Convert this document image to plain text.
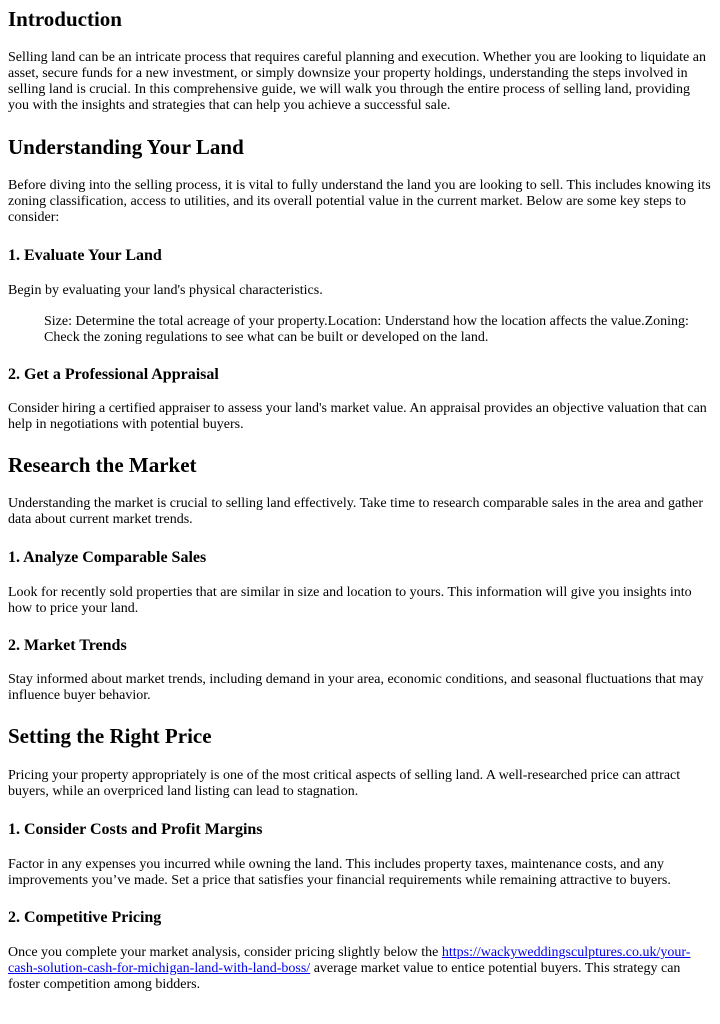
Introduction

Selling land can be an intricate process that requires careful planning and execution. Whether you are looking to liquidate an asset, secure funds for a new investment, or simply downsize your property holdings, understanding the steps involved in selling land is crucial. In this comprehensive guide, we will walk you through the entire process of selling land, providing you with the insights and strategies that can help you achieve a successful sale.

Understanding Your Land

Before diving into the selling process, it is vital to fully understand the land you are looking to sell. This includes knowing its zoning classification, access to utilities, and its overall potential value in the current market. Below are some key steps to consider:

1. Evaluate Your Land

Begin by evaluating your land's physical characteristics.

Size: Determine the total acreage of your property.Location: Understand how the location affects the value.Zoning: Check the zoning regulations to see what can be built or developed on the land.
2. Get a Professional Appraisal

Consider hiring a certified appraiser to assess your land's market value. An appraisal provides an objective valuation that can help in negotiations with potential buyers.

Research the Market

Understanding the market is crucial to selling land effectively. Take time to research comparable sales in the area and gather data about current market trends.

1. Analyze Comparable Sales

Look for recently sold properties that are similar in size and location to yours. This information will give you insights into how to price your land.

2. Market Trends

Stay informed about market trends, including demand in your area, economic conditions, and seasonal fluctuations that may influence buyer behavior.

Setting the Right Price

Pricing your property appropriately is one of the most critical aspects of selling land. A well-researched price can attract buyers, while an overpriced land listing can lead to stagnation.

1. Consider Costs and Profit Margins

Factor in any expenses you incurred while owning the land. This includes property taxes, maintenance costs, and any improvements you’ve made. Set a price that satisfies your financial requirements while remaining attractive to buyers.

2. Competitive Pricing

Once you complete your market analysis, consider pricing slightly below the https://wackyweddingsculptures.co.uk/your-cash-solution-cash-for-michigan-land-with-land-boss/ average market value to entice potential buyers. This strategy can foster competition among bidders.
